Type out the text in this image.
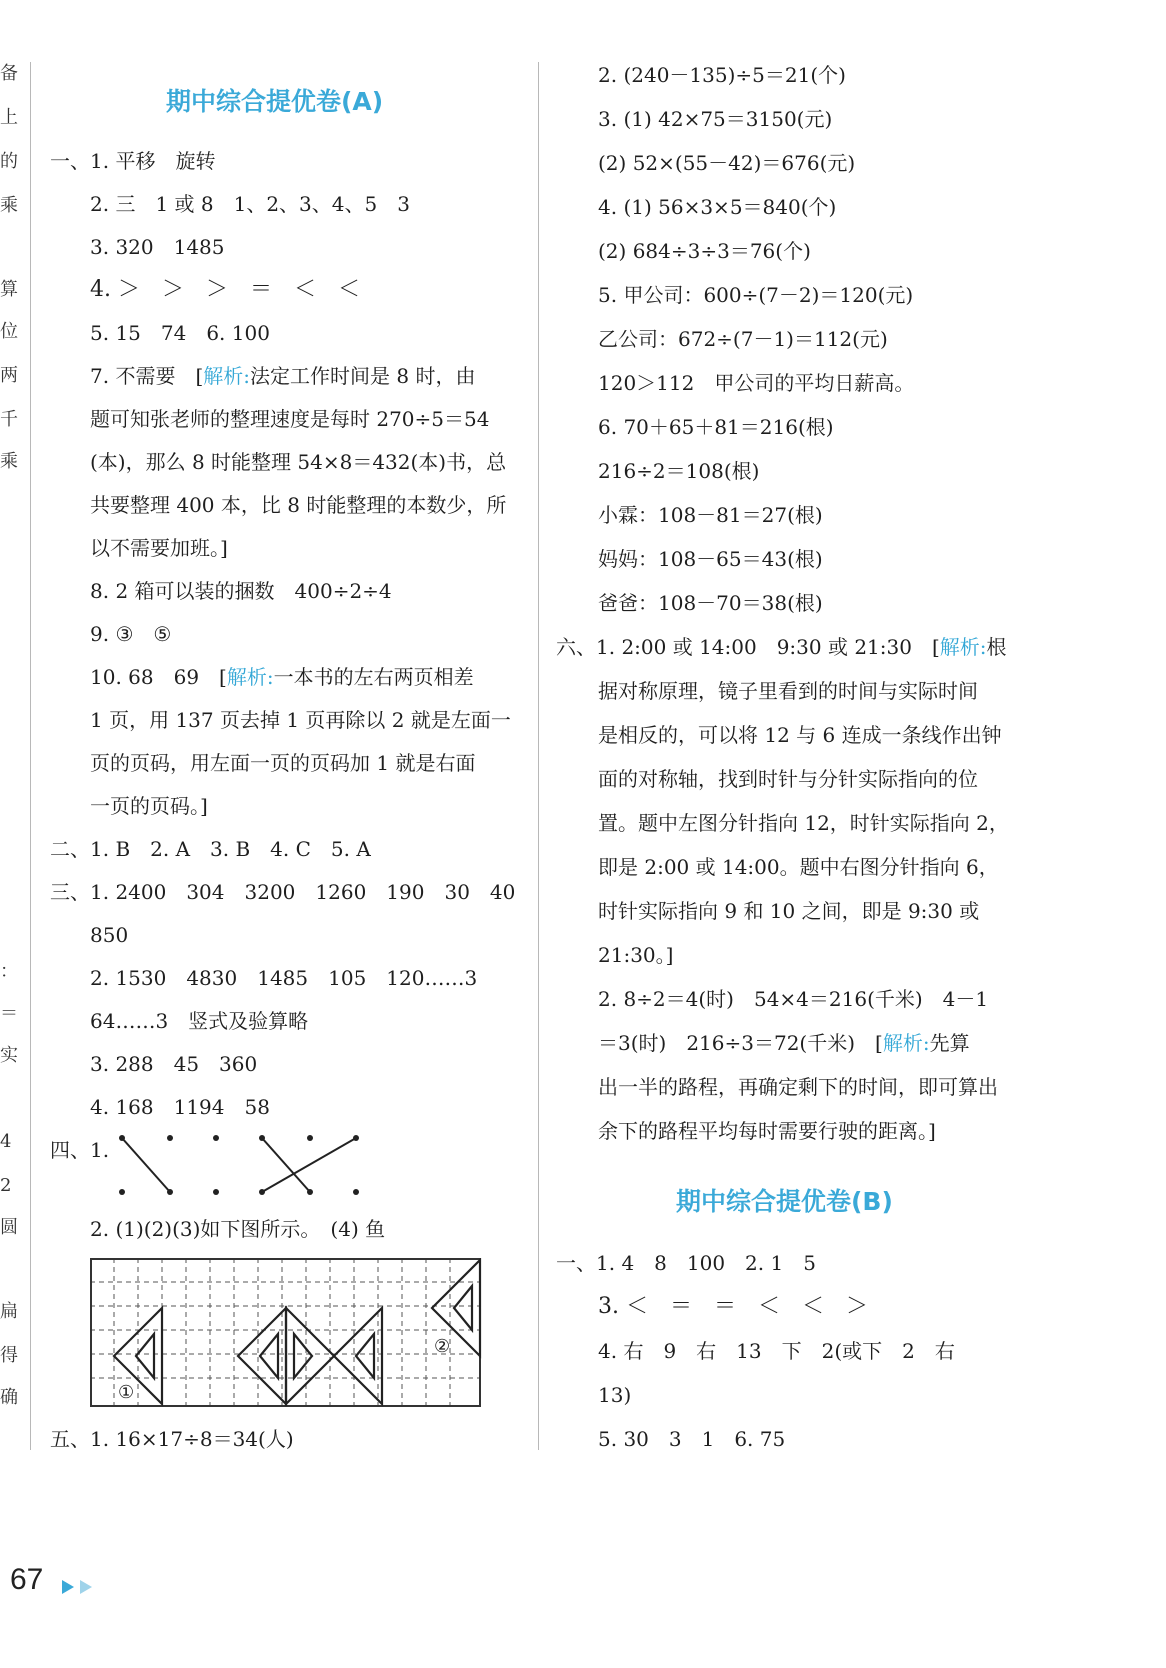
备
上
的
乘
算
位
两
千
乘
：
＝
实
4
2
圆
扁
得
确
期中综合提优卷(A)
一、1. 平移　旋转
2. 三　1 或 8　1、2、3、4、5　3
3. 320　1485
4. ＞　＞　＞　＝　＜　＜
5. 15　74　6. 100
7. 不需要　[解析:法定工作时间是 8 时，由
题可知张老师的整理速度是每时 270÷5＝54
(本)，那么 8 时能整理 54×8＝432(本)书，总
共要整理 400 本，比 8 时能整理的本数少，所
以不需要加班。]
8. 2 箱可以装的捆数　400÷2÷4
9. ③　⑤
10. 68　69　[解析:一本书的左右两页相差
1 页，用 137 页去掉 1 页再除以 2 就是左面一
页的页码，用左面一页的页码加 1 就是右面
一页的页码。]
二、1. B　2. A　3. B　4. C　5. A
三、1. 2400　304　3200　1260　190　30　40
850
2. 1530　4830　1485　105　120……3
64……3　竖式及验算略
3. 288　45　360
4. 168　1194　58
四、1.
2. (1)(2)(3)如下图所示。　(4) 鱼
①
②
五、1. 16×17÷8＝34(人)
2. (240－135)÷5＝21(个)
3. (1) 42×75＝3150(元)
(2) 52×(55－42)＝676(元)
4. (1) 56×3×5＝840(个)
(2) 684÷3÷3＝76(个)
5. 甲公司：600÷(7－2)＝120(元)
乙公司：672÷(7－1)＝112(元)
120＞112　甲公司的平均日薪高。
6. 70＋65＋81＝216(根)
216÷2＝108(根)
小霖：108－81＝27(根)
妈妈：108－65＝43(根)
爸爸：108－70＝38(根)
六、1. 2:00 或 14:00　9:30 或 21:30　[解析:根
据对称原理，镜子里看到的时间与实际时间
是相反的，可以将 12 与 6 连成一条线作出钟
面的对称轴，找到时针与分针实际指向的位
置。题中左图分针指向 12，时针实际指向 2，
即是 2:00 或 14:00。题中右图分针指向 6，
时针实际指向 9 和 10 之间，即是 9:30 或
21:30。]
2. 8÷2＝4(时)　54×4＝216(千米)　4－1
＝3(时)　216÷3＝72(千米)　[解析:先算
出一半的路程，再确定剩下的时间，即可算出
余下的路程平均每时需要行驶的距离。]
期中综合提优卷(B)
一、1. 4　8　100　2. 1　5
3. ＜　＝　＝　＜　＜　＞
4. 右　9　右　13　下　2(或下　2　右
13)
5. 30　3　1　6. 75
67
